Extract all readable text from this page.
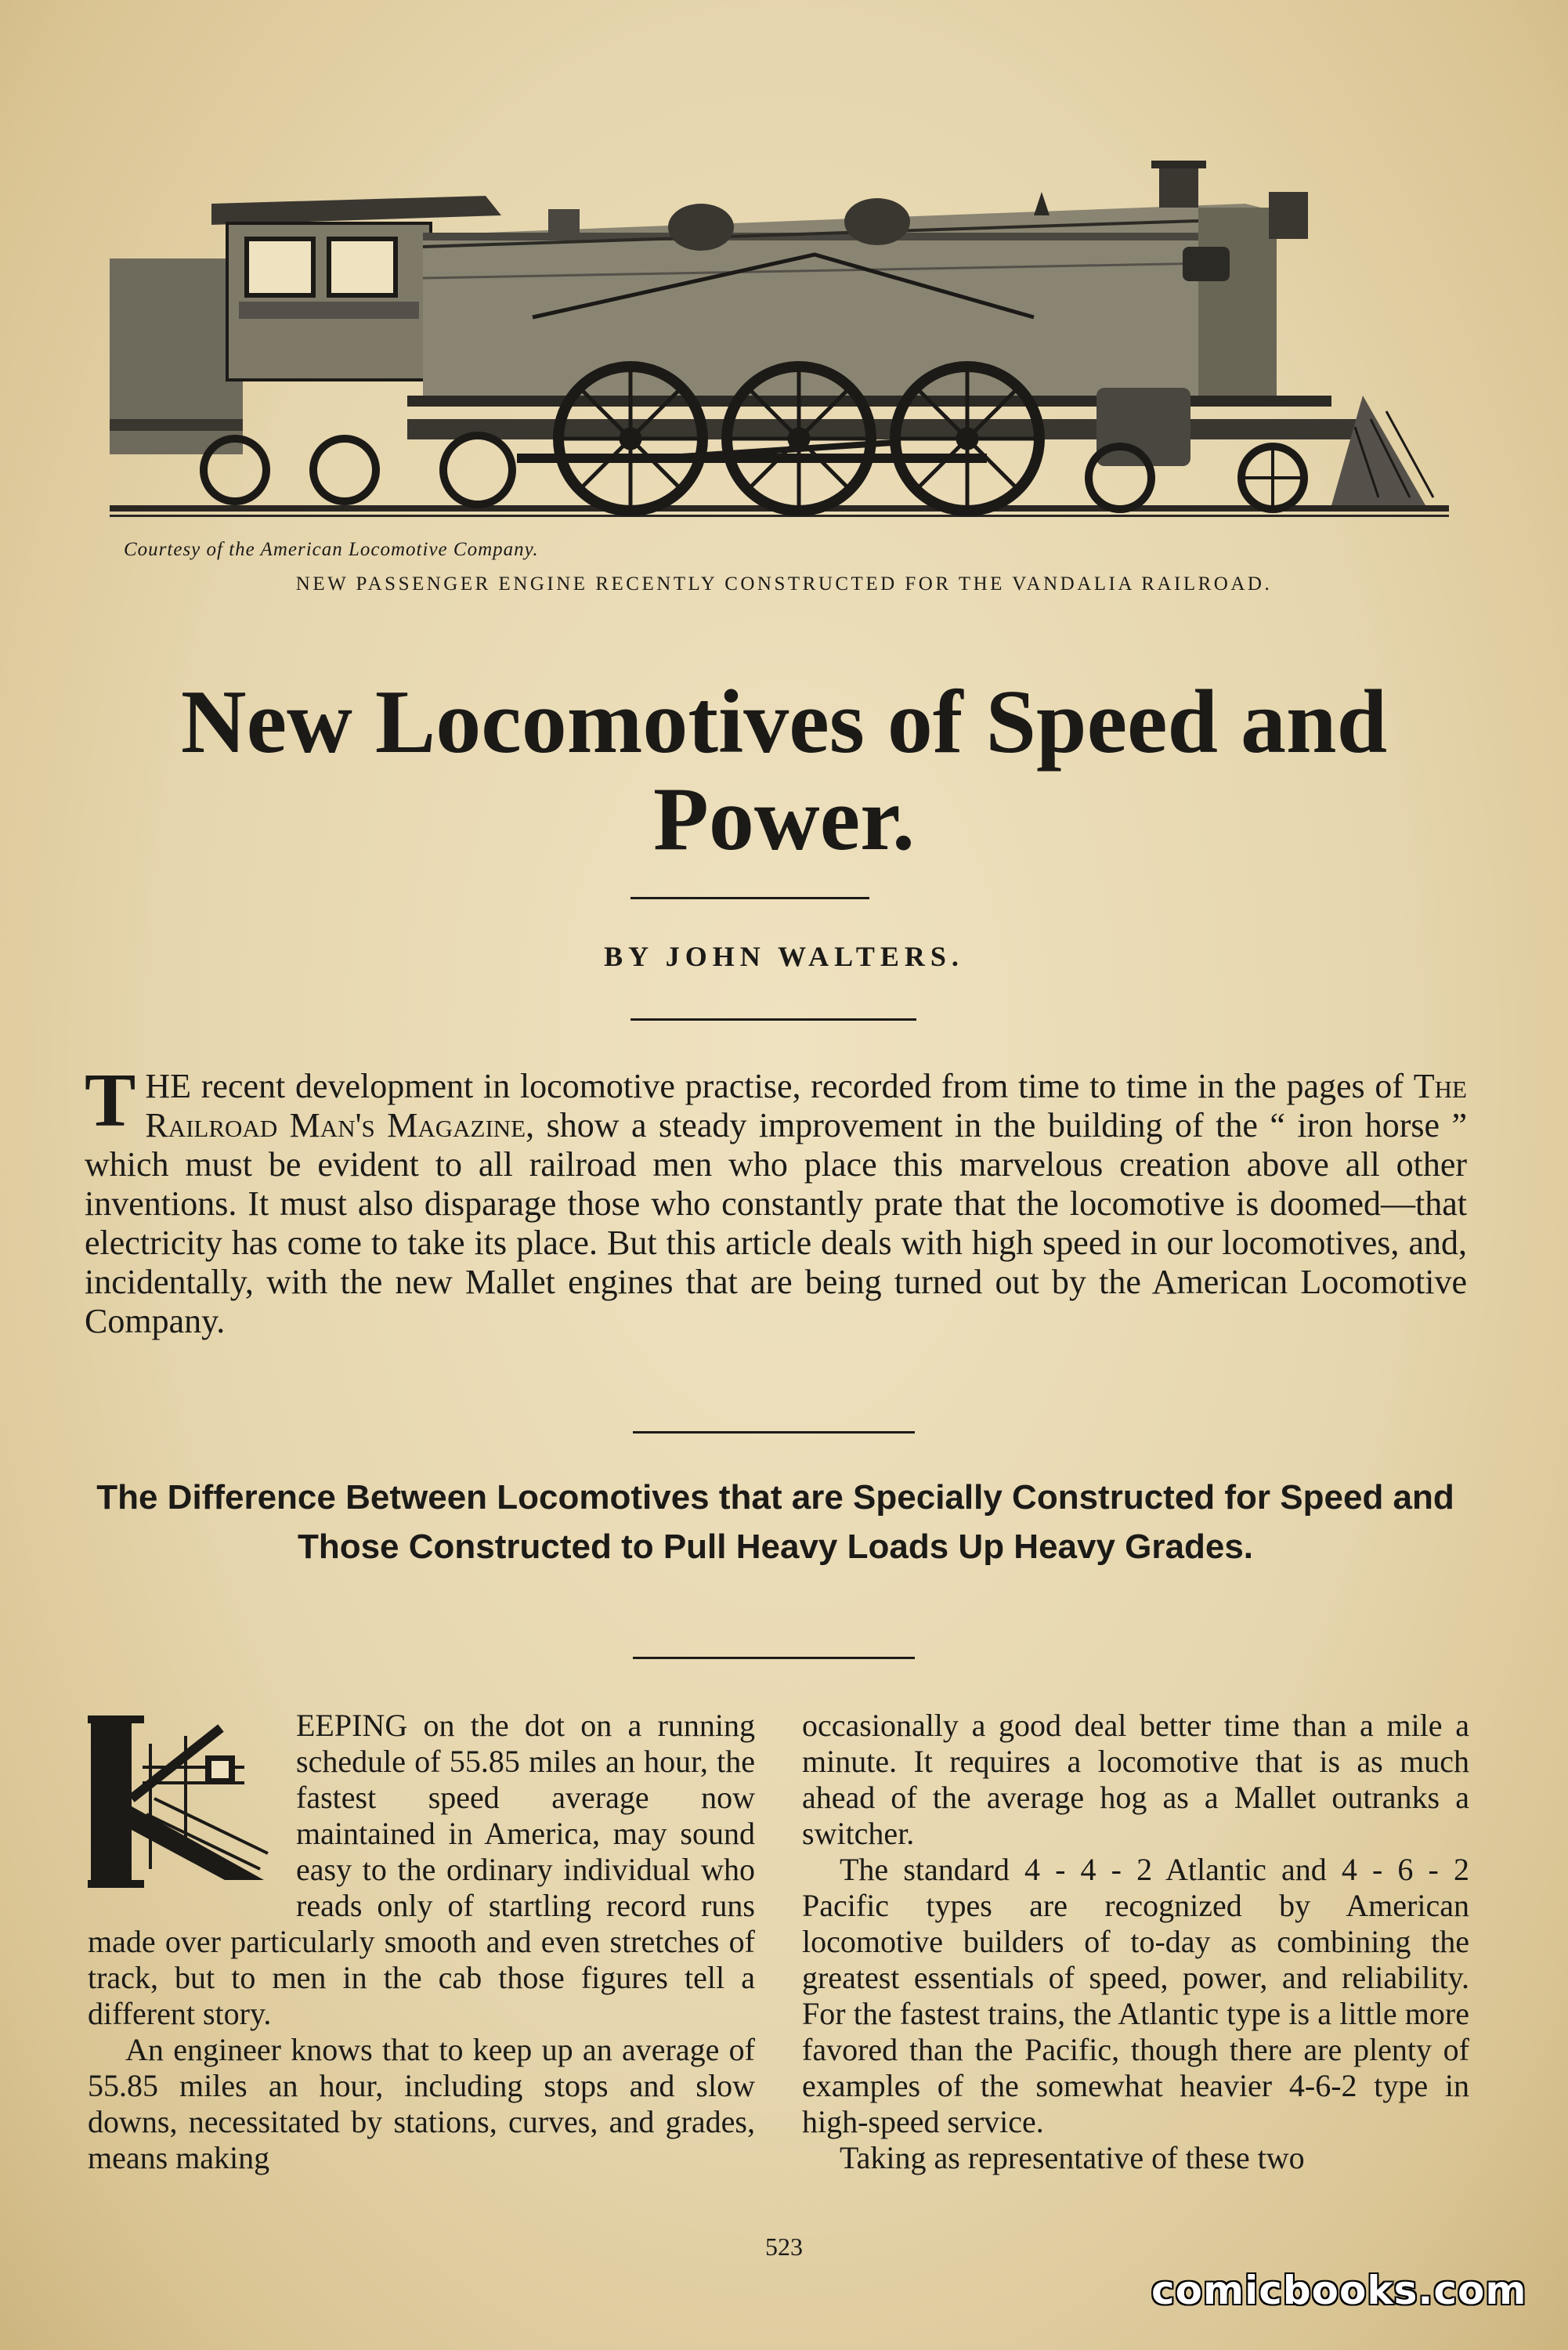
Courtesy of the American Locomotive Company.
NEW PASSENGER ENGINE RECENTLY CONSTRUCTED FOR THE VANDALIA RAILROAD.
New Locomotives of Speed and Power.
BY JOHN WALTERS.
THE recent development in locomotive practise, recorded from time to time in the pages of The Railroad Man's Magazine, show a steady improvement in the building of the “ iron horse ” which must be evident to all railroad men who place this marvelous creation above all other inventions. It must also disparage those who constantly prate that the locomotive is doomed—that electricity has come to take its place. But this article deals with high speed in our locomotives, and, incidentally, with the new Mallet engines that are being turned out by the American Locomotive Company.
The Difference Between Locomotives that are Specially Constructed for Speed and Those Constructed to Pull Heavy Loads Up Heavy Grades.

EEPING on the dot on a running schedule of 55.85 miles an hour, the fastest speed average now maintained in America, may sound easy to the ordinary individual who reads only of startling record runs made over particularly smooth and even stretches of track, but to men in the cab those figures tell a different story.

An engineer knows that to keep up an average of 55.85 miles an hour, including stops and slow downs, necessitated by stations, curves, and grades, means making

occasionally a good deal better time than a mile a minute. It requires a locomotive that is as much ahead of the average hog as a Mallet outranks a switcher.

The standard 4 - 4 - 2 Atlantic and 4 - 6 - 2 Pacific types are recognized by American locomotive builders of to-day as combining the greatest essentials of speed, power, and reliability. For the fastest trains, the Atlantic type is a little more favored than the Pacific, though there are plenty of examples of the somewhat heavier 4-6-2 type in high-speed service.

Taking as representative of these two

523
comicbooks.com
